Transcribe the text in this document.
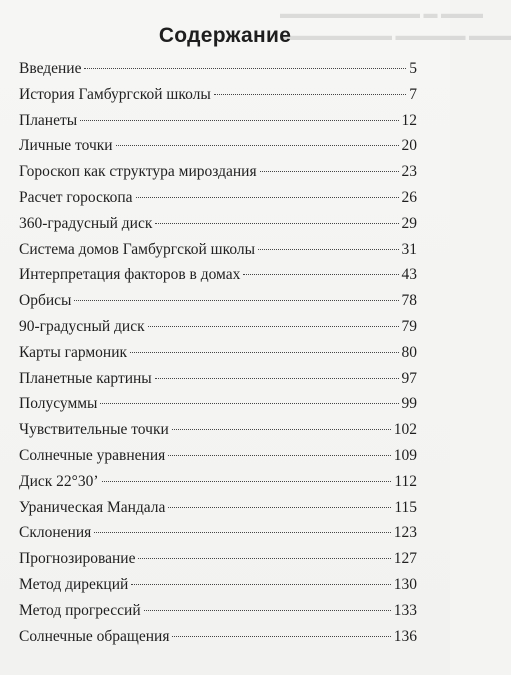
▬▬▬▬▬▬▬▬▬▬ ▬ ▬▬▬
▬▬▬▬▬▬▬▬ ▬▬▬▬▬ ▬▬▬
Содержание
Введение	5
История Гамбургской школы	7
Планеты	12
Личные точки	20
Гороскоп как структура мироздания	23
Расчет гороскопа	26
360-градусный диск	29
Система домов Гамбургской школы	31
Интерпретация факторов в домах	43
Орбисы	78
90-градусный диск	79
Карты гармоник	80
Планетные картины	97
Полусуммы	99
Чувствительные точки	102
Солнечные уравнения	109
Диск 22°30’	112
Ураническая Мандала	115
Склонения	123
Прогнозирование	127
Метод дирекций	130
Метод прогрессий	133
Солнечные обращения	136
